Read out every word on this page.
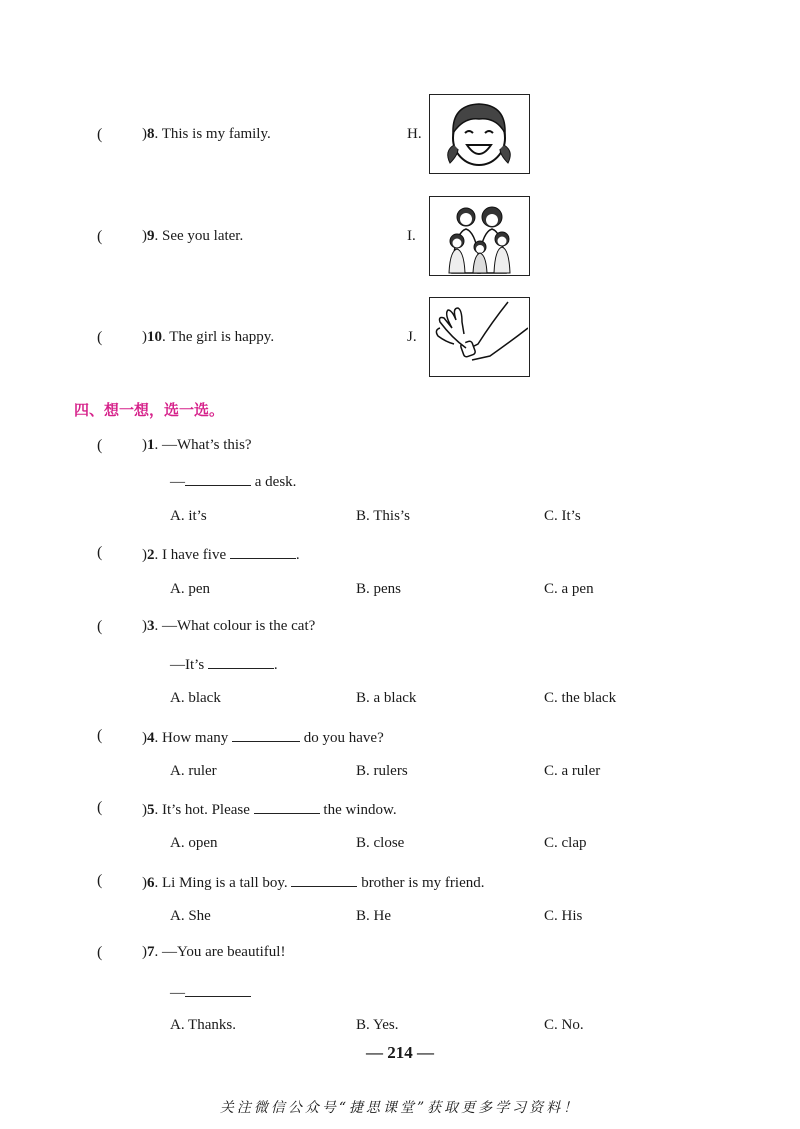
(	)8. This is my family.	H.
(	)9. See you later.	I.
(	)10. The girl is happy.	J.
四、想一想，选一选。
(	)1. —What’s this?
—	a desk.
A. it’s	B. This’s	C. It’s
(	)2. I have five	.
A. pen	B. pens	C. a pen
(	)3. —What colour is the cat?
—It’s	.
A. black	B. a black	C. the black
(	)4. How many	do you have?
A. ruler	B. rulers	C. a ruler
(	)5. It’s hot. Please	the window.
A. open	B. close	C. clap
(	)6. Li Ming is a tall boy.	brother is my friend.
A. She	B. He	C. His
(	)7. —You are beautiful!
—
A. Thanks.	B. Yes.	C. No.
— 214 —
关注微信公众号“捷思课堂”获取更多学习资料！
